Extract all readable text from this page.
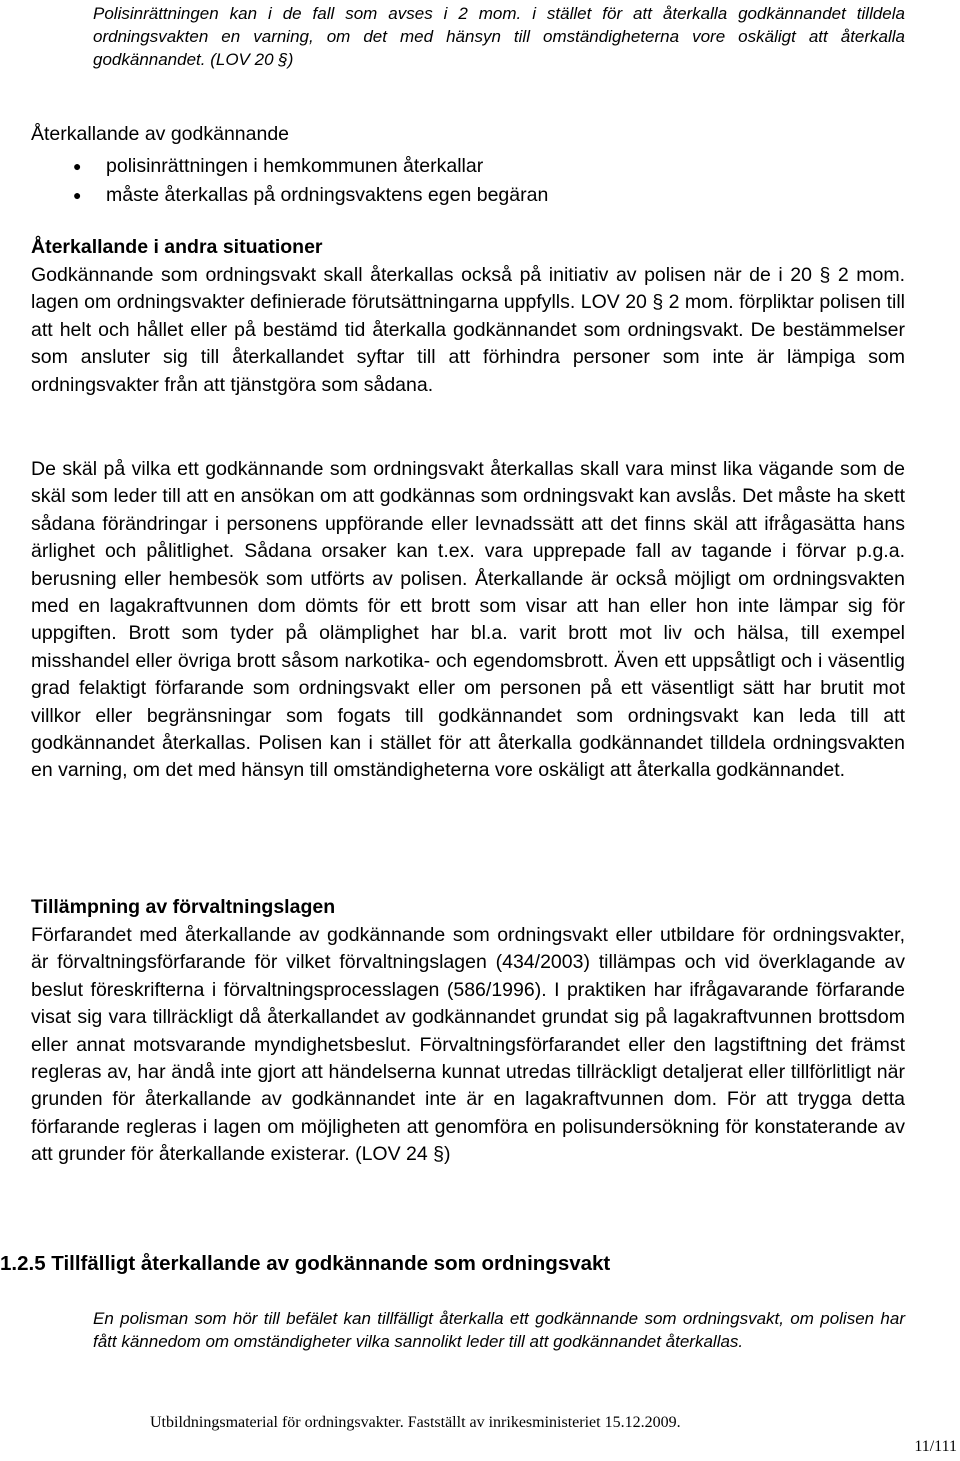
Polisinrättningen kan i de fall som avses i 2 mom. i stället för att återkalla godkännandet tilldela ordningsvakten en varning, om det med hänsyn till omständigheterna vore oskäligt att återkalla godkännandet. (LOV 20 §)
Återkallande av godkännande
● polisinrättningen i hemkommunen återkallar
● måste återkallas på ordningsvaktens egen begäran
Återkallande i andra situationer
Godkännande som ordningsvakt skall återkallas också på initiativ av polisen när de i 20 § 2 mom. lagen om ordningsvakter definierade förutsättningarna uppfylls. LOV 20 § 2 mom. förpliktar polisen till att helt och hållet eller på bestämd tid återkalla godkännandet som ordningsvakt. De bestämmelser som ansluter sig till återkallandet syftar till att förhindra personer som inte är lämpiga som ordningsvakter från att tjänstgöra som sådana.
De skäl på vilka ett godkännande som ordningsvakt återkallas skall vara minst lika vägande som de skäl som leder till att en ansökan om att godkännas som ordningsvakt kan avslås. Det måste ha skett sådana förändringar i personens uppförande eller levnadssätt att det finns skäl att ifrågasätta hans ärlighet och pålitlighet. Sådana orsaker kan t.ex. vara upprepade fall av tagande i förvar p.g.a. berusning eller hembesök som utförts av polisen. Återkallande är också möjligt om ordningsvakten med en lagakraftvunnen dom dömts för ett brott som visar att han eller hon inte lämpar sig för uppgiften. Brott som tyder på olämplighet har bl.a. varit brott mot liv och hälsa, till exempel misshandel eller övriga brott såsom narkotika- och egendomsbrott. Även ett uppsåtligt och i väsentlig grad felaktigt förfarande som ordningsvakt eller om personen på ett väsentligt sätt har brutit mot villkor eller begränsningar som fogats till godkännandet som ordningsvakt kan leda till att godkännandet återkallas. Polisen kan i stället för att återkalla godkännandet tilldela ordningsvakten en varning, om det med hänsyn till omständigheterna vore oskäligt att återkalla godkännandet.
Tillämpning av förvaltningslagen
Förfarandet med återkallande av godkännande som ordningsvakt eller utbildare för ordningsvakter, är förvaltningsförfarande för vilket förvaltningslagen (434/2003) tillämpas och vid överklagande av beslut föreskrifterna i förvaltningsprocesslagen (586/1996). I praktiken har ifrågavarande förfarande visat sig vara tillräckligt då återkallandet av godkännandet grundat sig på lagakraftvunnen brottsdom eller annat motsvarande myndighetsbeslut. Förvaltningsförfarandet eller den lagstiftning det främst regleras av, har ändå inte gjort att händelserna kunnat utredas tillräckligt detaljerat eller tillförlitligt när grunden för återkallande av godkännandet inte är en lagakraftvunnen dom. För att trygga detta förfarande regleras i lagen om möjligheten att genomföra en polisundersökning för konstaterande av att grunder för återkallande existerar. (LOV 24 §)
1.2.5 Tillfälligt återkallande av godkännande som ordningsvakt
En polisman som hör till befälet kan tillfälligt återkalla ett godkännande som ordningsvakt, om polisen har fått kännedom om omständigheter vilka sannolikt leder till att godkännandet återkallas.
Utbildningsmaterial för ordningsvakter. Fastställt av inrikesministeriet 15.12.2009.
11/111
